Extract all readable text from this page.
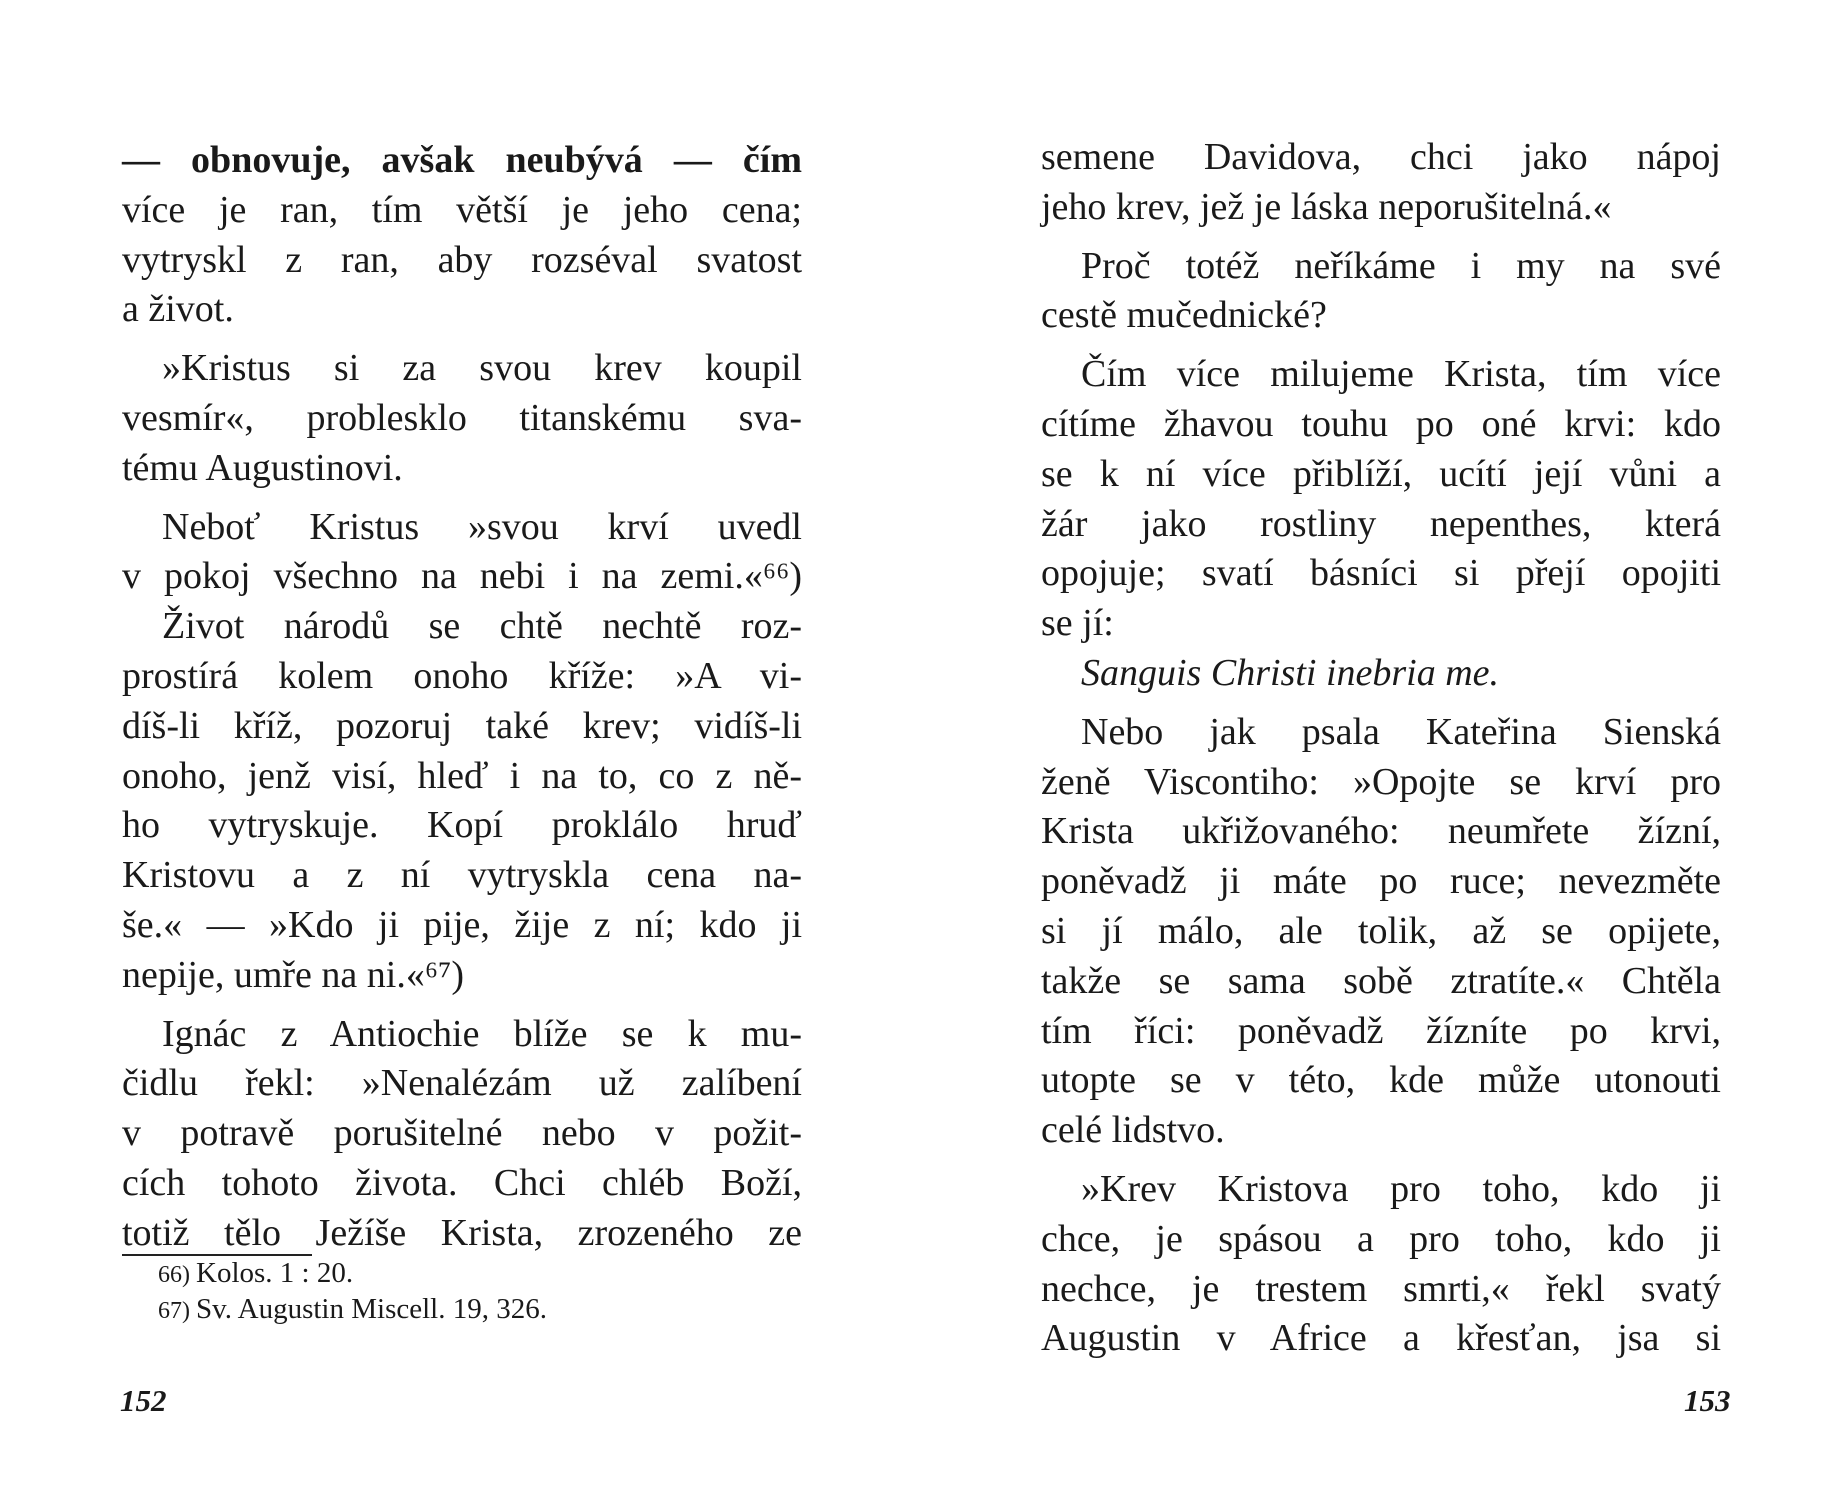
— obnovuje, avšak neubývá — čím
více je ran, tím větší je jeho cena;
vytryskl z ran, aby rozséval svatost
a život.
»Kristus si za svou krev koupil
vesmír«, problesklo titanskému sva-
tému Augustinovi.
Neboť Kristus »svou krví uvedl
v pokoj všechno na nebi i na zemi.«⁶⁶)
Život národů se chtě nechtě roz-
prostírá kolem onoho kříže: »A vi-
díš-li kříž, pozoruj také krev; vidíš-li
onoho, jenž visí, hleď i na to, co z ně-
ho vytryskuje. Kopí proklálo hruď
Kristovu a z ní vytryskla cena na-
še.« — »Kdo ji pije, žije z ní; kdo ji
nepije, umře na ni.«⁶⁷)
Ignác z Antiochie blíže se k mu-
čidlu řekl: »Nenalézám už zalíbení
v potravě porušitelné nebo v požit-
cích tohoto života. Chci chléb Boží,
totiž tělo Ježíše Krista, zrozeného ze
66) Kolos. 1 : 20.
67) Sv. Augustin Miscell. 19, 326.
152
semene Davidova, chci jako nápoj
jeho krev, jež je láska neporušitelná.«
Proč totéž neříkáme i my na své
cestě mučednické?
Čím více milujeme Krista, tím více
cítíme žhavou touhu po oné krvi: kdo
se k ní více přiblíží, ucítí její vůni a
žár jako rostliny nepenthes, která
opojuje; svatí básníci si přejí opojiti
se jí:
Sanguis Christi inebria me.
Nebo jak psala Kateřina Sienská
ženě Viscontiho: »Opojte se krví pro
Krista ukřižovaného: neumřete žízní,
poněvadž ji máte po ruce; nevezměte
si jí málo, ale tolik, až se opijete,
takže se sama sobě ztratíte.« Chtěla
tím říci: poněvadž žízníte po krvi,
utopte se v této, kde může utonouti
celé lidstvo.
»Krev Kristova pro toho, kdo ji
chce, je spásou a pro toho, kdo ji
nechce, je trestem smrti,« řekl svatý
Augustin v Africe a křesťan, jsa si
153
